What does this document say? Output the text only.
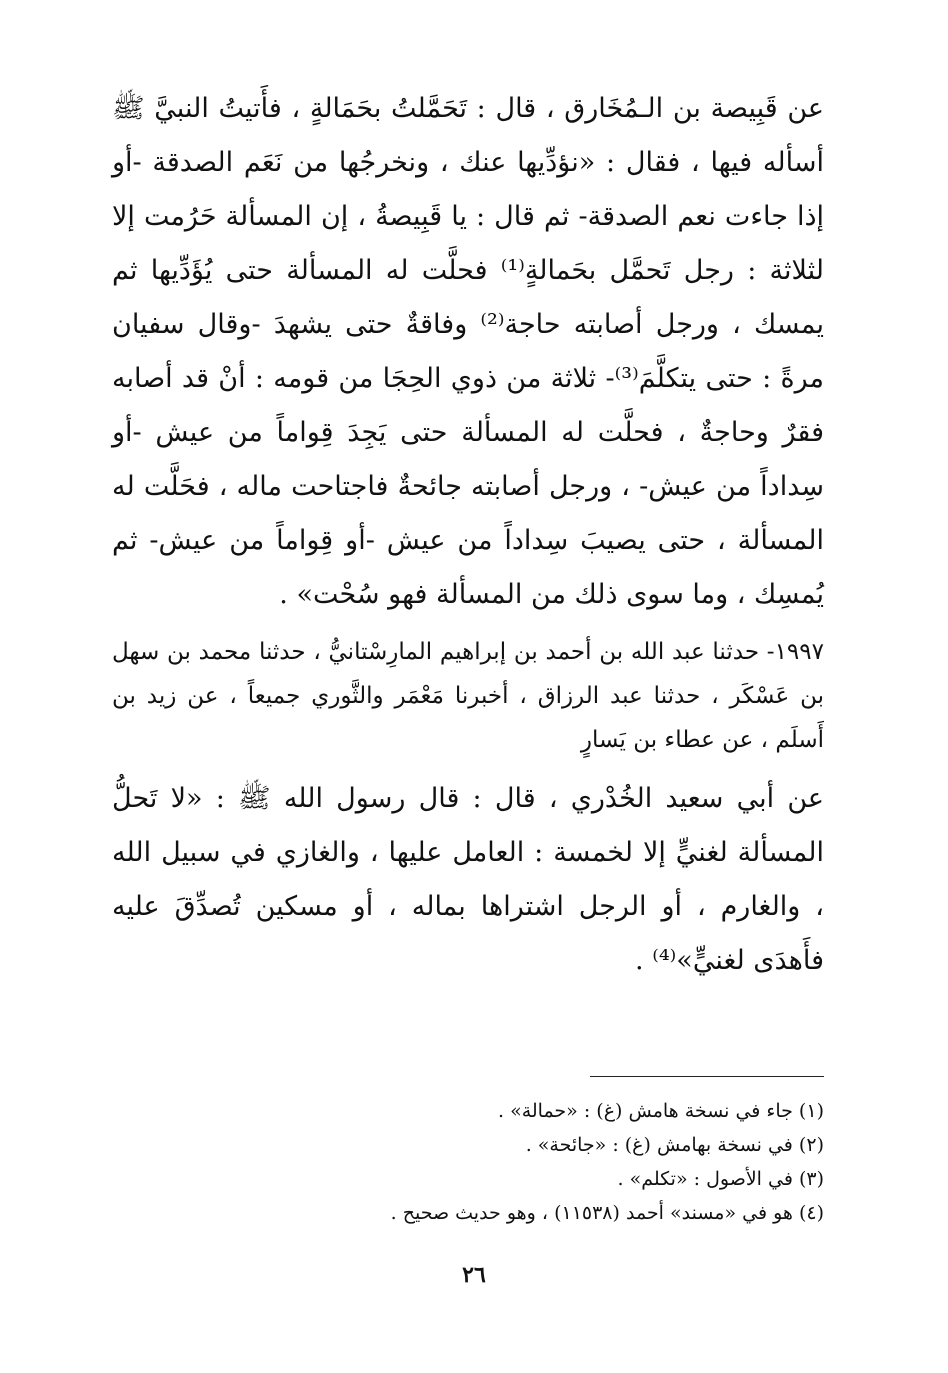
عن قَبِيصة بن الـمُخَارق ، قال : تَحَمَّلتُ بحَمَالةٍ ، فأَتيتُ النبيَّ ﷺ أسأله فيها ، فقال : «نؤدِّيها عنك ، ونخرجُها من نَعَم الصدقة -أو إذا جاءت نعم الصدقة- ثم قال : يا قَبِيصةُ ، إن المسألة حَرُمت إلا لثلاثة : رجل تَحمَّل بحَمالةٍ⁽¹⁾ فحلَّت له المسألة حتى يُؤَدِّيها ثم يمسك ، ورجل أصابته حاجة⁽²⁾ وفاقةٌ حتى يشهدَ -وقال سفيان مرةً : حتى يتكلَّمَ⁽³⁾- ثلاثة من ذوي الحِجَا من قومه : أنْ قد أصابه فقرٌ وحاجةٌ ، فحلَّت له المسألة حتى يَجِدَ قِواماً من عيش -أو سِداداً من عيش- ، ورجل أصابته جائحةٌ فاجتاحت ماله ، فحَلَّت له المسألة ، حتى يصيبَ سِداداً من عيش -أو قِواماً من عيش- ثم يُمسِك ، وما سوى ذلك من المسألة فهو سُحْت» .

١٩٩٧- حدثنا عبد الله بن أحمد بن إبراهيم المارِسْتانيُّ ، حدثنا محمد بن سهل بن عَسْكَر ، حدثنا عبد الرزاق ، أخبرنا مَعْمَر والثَّوري جميعاً ، عن زيد بن أَسلَم ، عن عطاء بن يَسارٍ

عن أبي سعيد الخُدْري ، قال : قال رسول الله ﷺ : «لا تَحلُّ المسألة لغنيٍّ إلا لخمسة : العامل عليها ، والغازي في سبيل الله ، والغارم ، أو الرجل اشتراها بماله ، أو مسكين تُصدِّقَ عليه فأَهدَى لغنيٍّ»⁽⁴⁾ .

(١) جاء في نسخة هامش (غ) : «حمالة» .
(٢) في نسخة بهامش (غ) : «جائحة» .
(٣) في الأصول : «تكلم» .
(٤) هو في «مسند» أحمد (١١٥٣٨) ، وهو حديث صحيح .
٢٦
